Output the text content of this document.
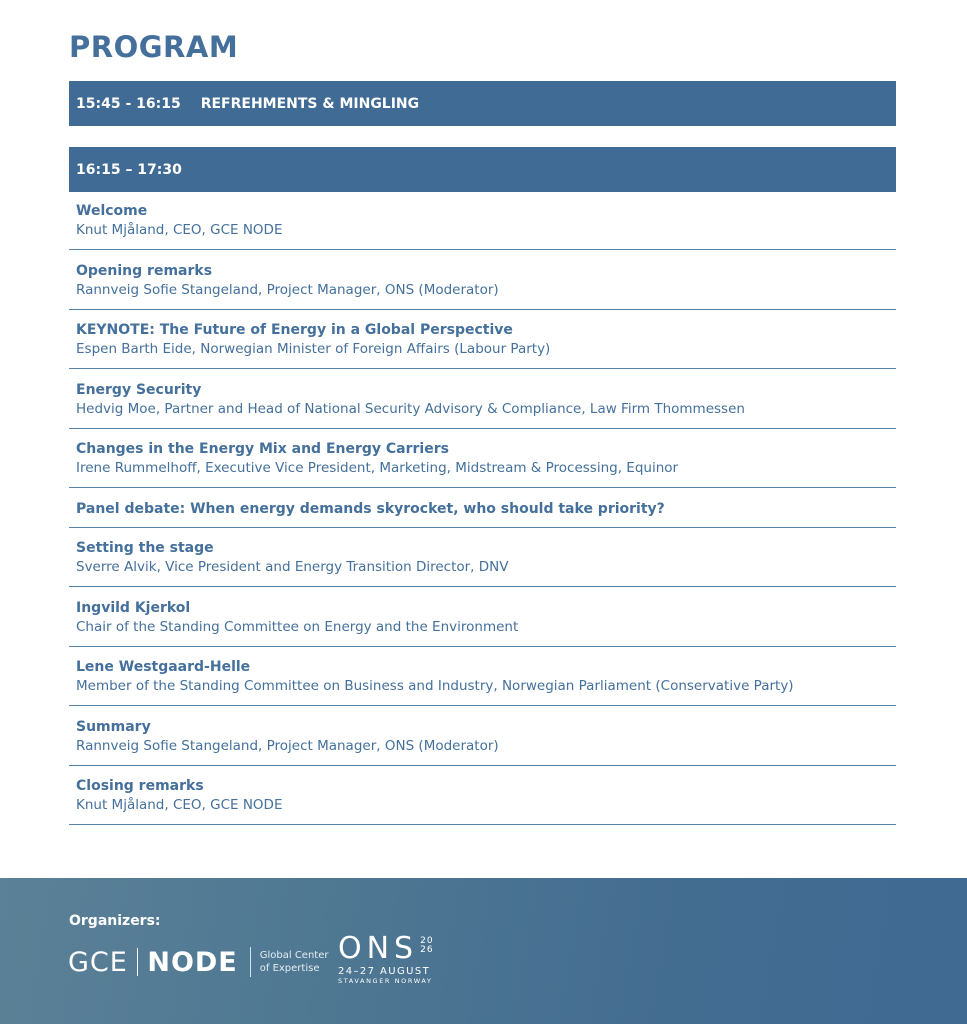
PROGRAM
15:45 - 16:15 REFREHMENTS & MINGLING
16:15 – 17:30
Welcome
Knut Mjåland, CEO, GCE NODE
Opening remarks
Rannveig Sofie Stangeland, Project Manager, ONS (Moderator)
KEYNOTE: The Future of Energy in a Global Perspective
Espen Barth Eide, Norwegian Minister of Foreign Affairs (Labour Party)
Energy Security
Hedvig Moe, Partner and Head of National Security Advisory & Compliance, Law Firm Thommessen
Changes in the Energy Mix and Energy Carriers
Irene Rummelhoff, Executive Vice President, Marketing, Midstream & Processing, Equinor
Panel debate: When energy demands skyrocket, who should take priority?
Setting the stage
Sverre Alvik, Vice President and Energy Transition Director, DNV
Ingvild Kjerkol
Chair of the Standing Committee on Energy and the Environment
Lene Westgaard-Helle
Member of the Standing Committee on Business and Industry, Norwegian Parliament (Conservative Party)
Summary
Rannveig Sofie Stangeland, Project Manager, ONS (Moderator)
Closing remarks
Knut Mjåland, CEO, GCE NODE
Organizers:
GCE NODE Global Center
of Expertise
ONS 20
26
24–27 AUGUST
STAVANGER NORWAY
